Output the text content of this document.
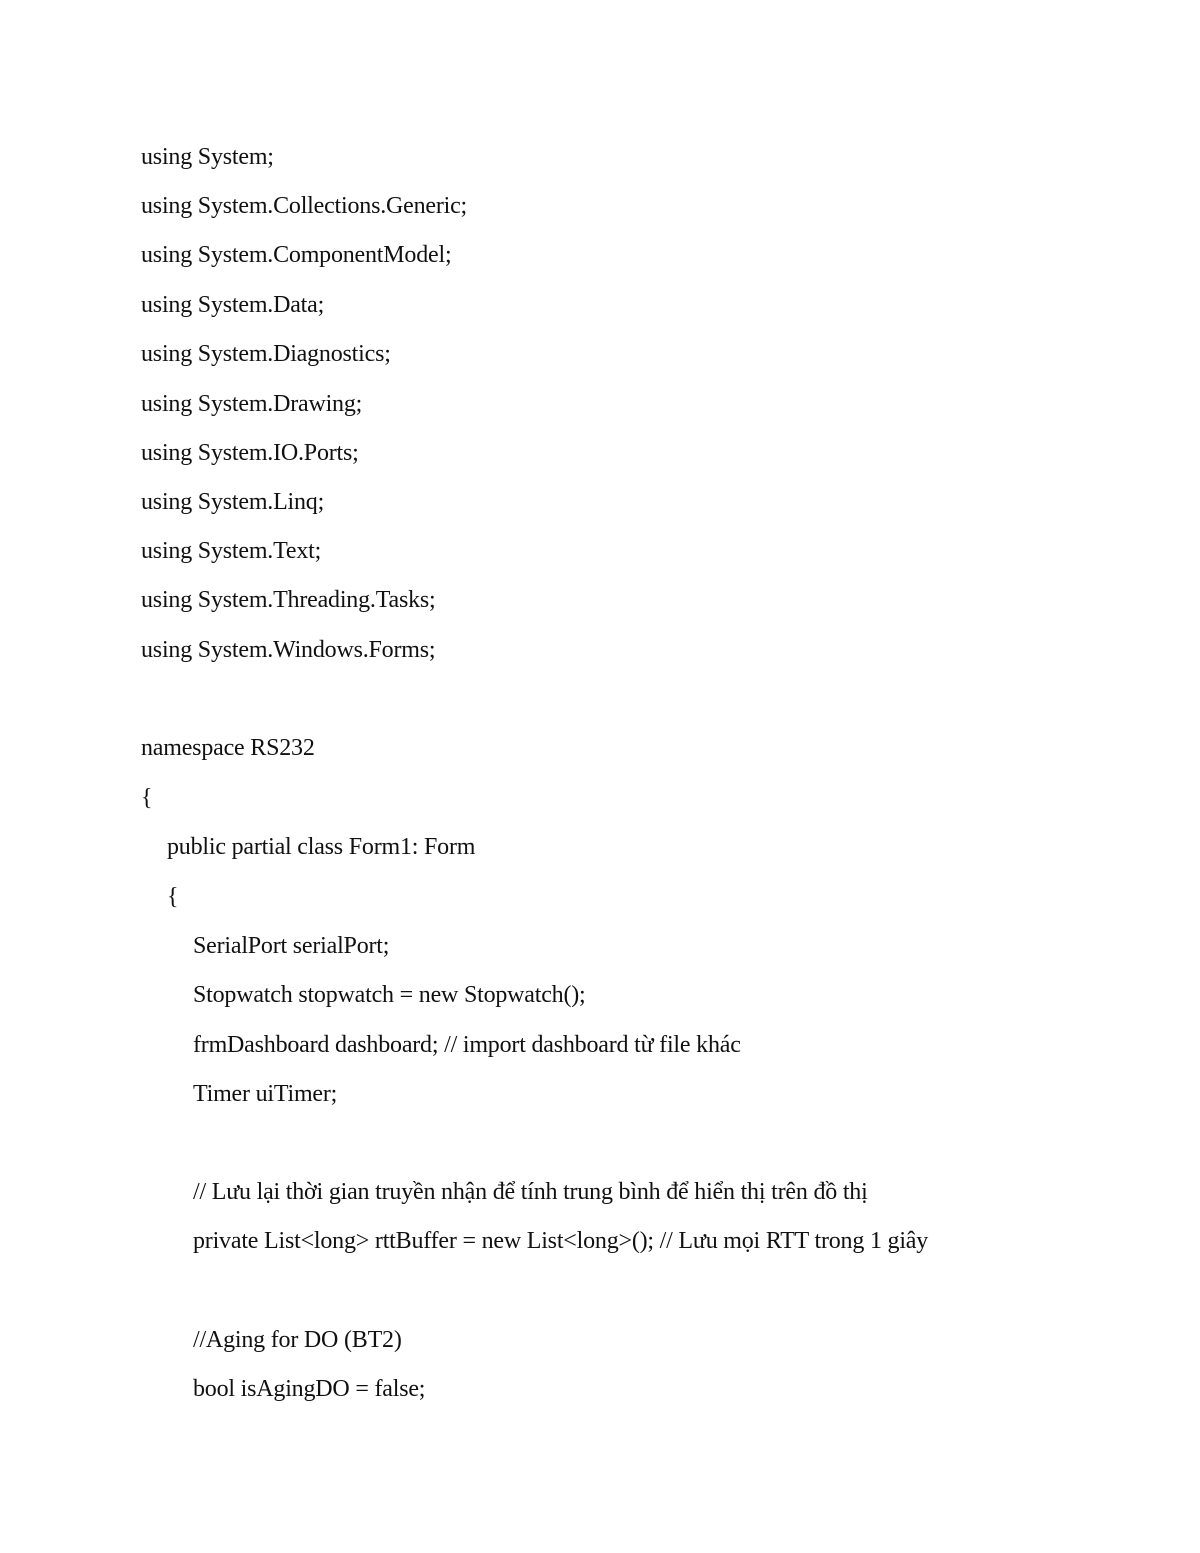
using System;
using System.Collections.Generic;
using System.ComponentModel;
using System.Data;
using System.Diagnostics;
using System.Drawing;
using System.IO.Ports;
using System.Linq;
using System.Text;
using System.Threading.Tasks;
using System.Windows.Forms;
namespace RS232
{
public partial class Form1: Form
{
SerialPort serialPort;
Stopwatch stopwatch = new Stopwatch();
frmDashboard dashboard; // import dashboard từ file khác
Timer uiTimer;
// Lưu lại thời gian truyền nhận để tính trung bình để hiển thị trên đồ thị
private List<long> rttBuffer = new List<long>(); // Lưu mọi RTT trong 1 giây
//Aging for DO (BT2)
bool isAgingDO = false;
